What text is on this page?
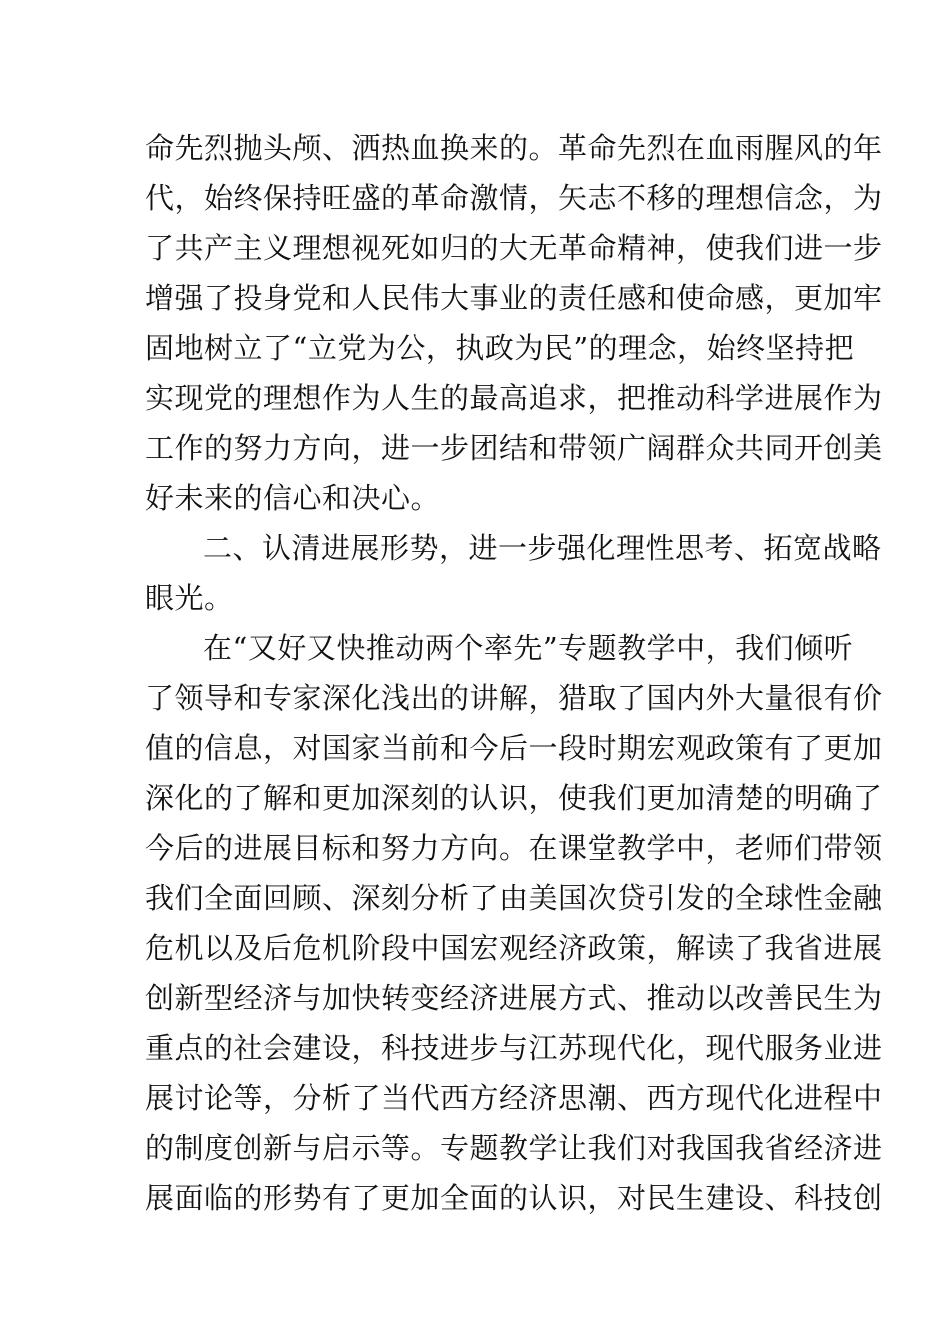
命先烈抛头颅、洒热血换来的。革命先烈在血雨腥风的年
代，始终保持旺盛的革命激情，矢志不移的理想信念，为
了共产主义理想视死如归的大无革命精神，使我们进一步
增强了投身党和人民伟大事业的责任感和使命感，更加牢
固地树立了“立党为公，执政为民”的理念，始终坚持把
实现党的理想作为人生的最高追求，把推动科学进展作为
工作的努力方向，进一步团结和带领广阔群众共同开创美
好未来的信心和决心。
二、认清进展形势，进一步强化理性思考、拓宽战略
眼光。
在“又好又快推动两个率先”专题教学中，我们倾听
了领导和专家深化浅出的讲解，猎取了国内外大量很有价
值的信息，对国家当前和今后一段时期宏观政策有了更加
深化的了解和更加深刻的认识，使我们更加清楚的明确了
今后的进展目标和努力方向。在课堂教学中，老师们带领
我们全面回顾、深刻分析了由美国次贷引发的全球性金融
危机以及后危机阶段中国宏观经济政策，解读了我省进展
创新型经济与加快转变经济进展方式、推动以改善民生为
重点的社会建设，科技进步与江苏现代化，现代服务业进
展讨论等，分析了当代西方经济思潮、西方现代化进程中
的制度创新与启示等。专题教学让我们对我国我省经济进
展面临的形势有了更加全面的认识，对民生建设、科技创
